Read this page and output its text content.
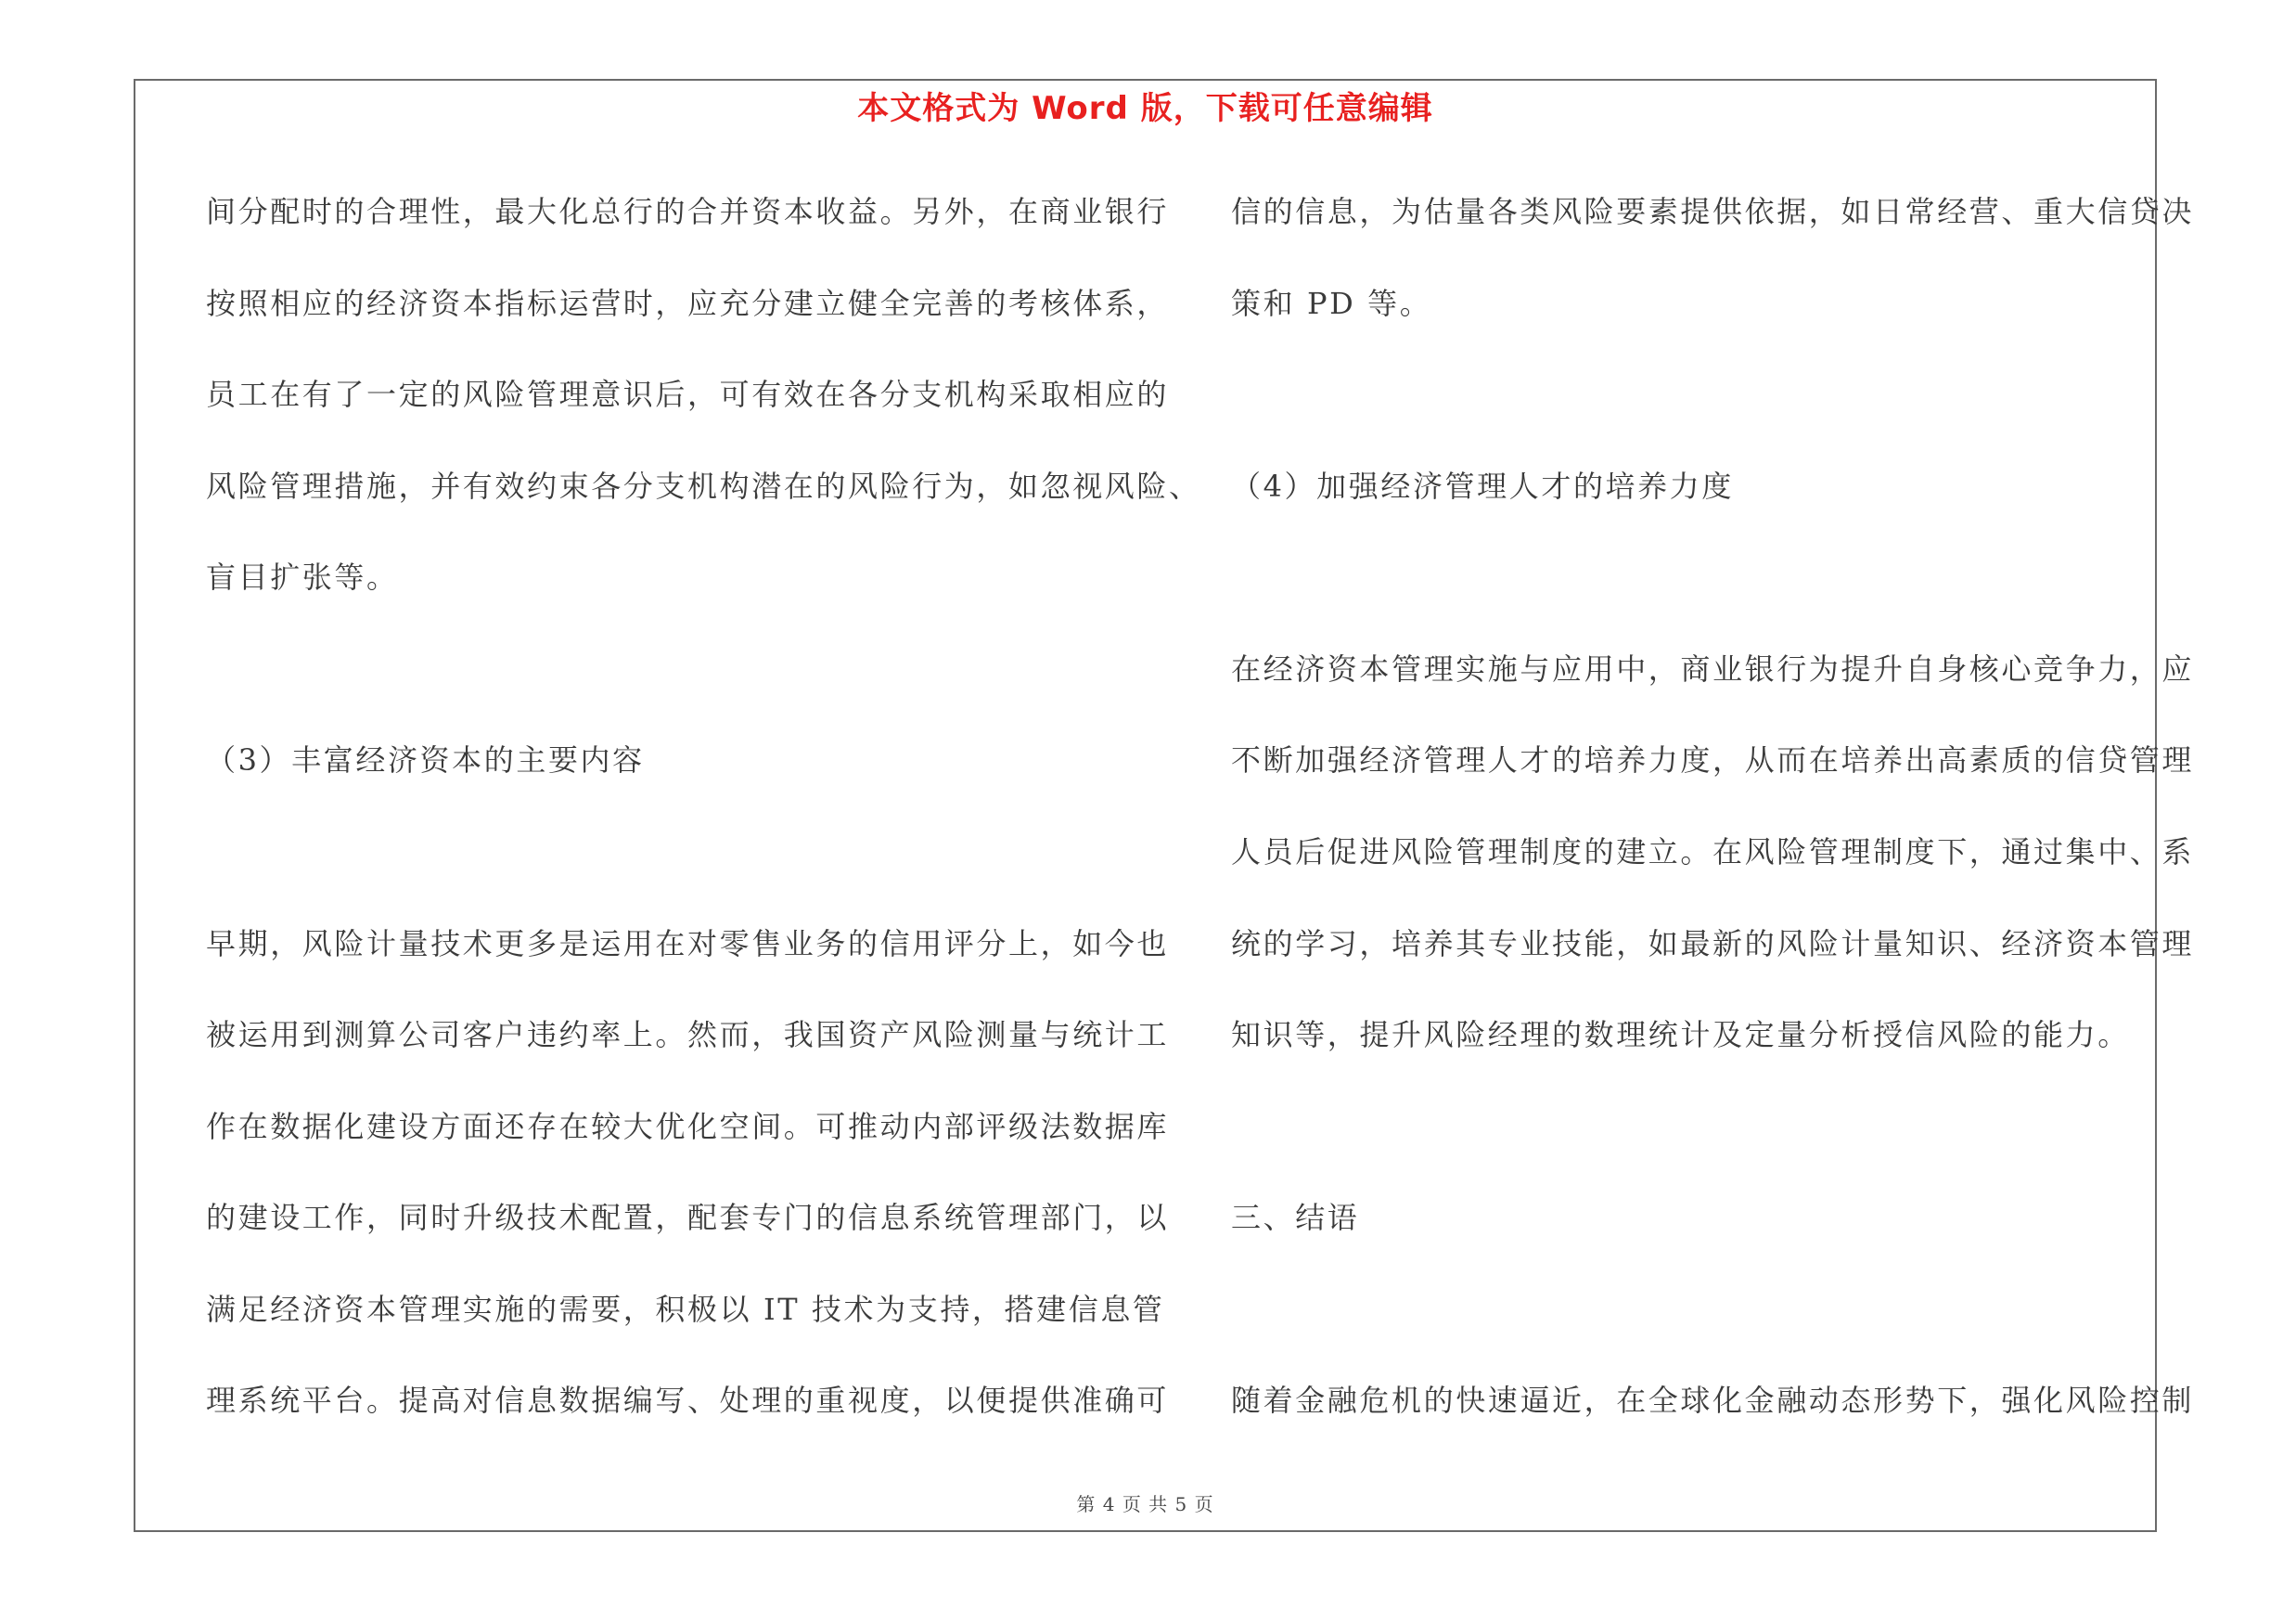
本文格式为 Word 版，下载可任意编辑
间分配时的合理性，最大化总行的合并资本收益。另外，在商业银行
按照相应的经济资本指标运营时，应充分建立健全完善的考核体系，
员工在有了一定的风险管理意识后，可有效在各分支机构采取相应的
风险管理措施，并有效约束各分支机构潜在的风险行为，如忽视风险、
盲目扩张等。
（3）丰富经济资本的主要内容
早期，风险计量技术更多是运用在对零售业务的信用评分上，如今也
被运用到测算公司客户违约率上。然而，我国资产风险测量与统计工
作在数据化建设方面还存在较大优化空间。可推动内部评级法数据库
的建设工作，同时升级技术配置，配套专门的信息系统管理部门，以
满足经济资本管理实施的需要，积极以 IT 技术为支持，搭建信息管
理系统平台。提高对信息数据编写、处理的重视度，以便提供准确可
信的信息，为估量各类风险要素提供依据，如日常经营、重大信贷决
策和 PD 等。
（4）加强经济管理人才的培养力度
在经济资本管理实施与应用中，商业银行为提升自身核心竞争力，应
不断加强经济管理人才的培养力度，从而在培养出高素质的信贷管理
人员后促进风险管理制度的建立。在风险管理制度下，通过集中、系
统的学习，培养其专业技能，如最新的风险计量知识、经济资本管理
知识等，提升风险经理的数理统计及定量分析授信风险的能力。
三、结语
随着金融危机的快速逼近，在全球化金融动态形势下，强化风险控制
第 4 页 共 5 页
